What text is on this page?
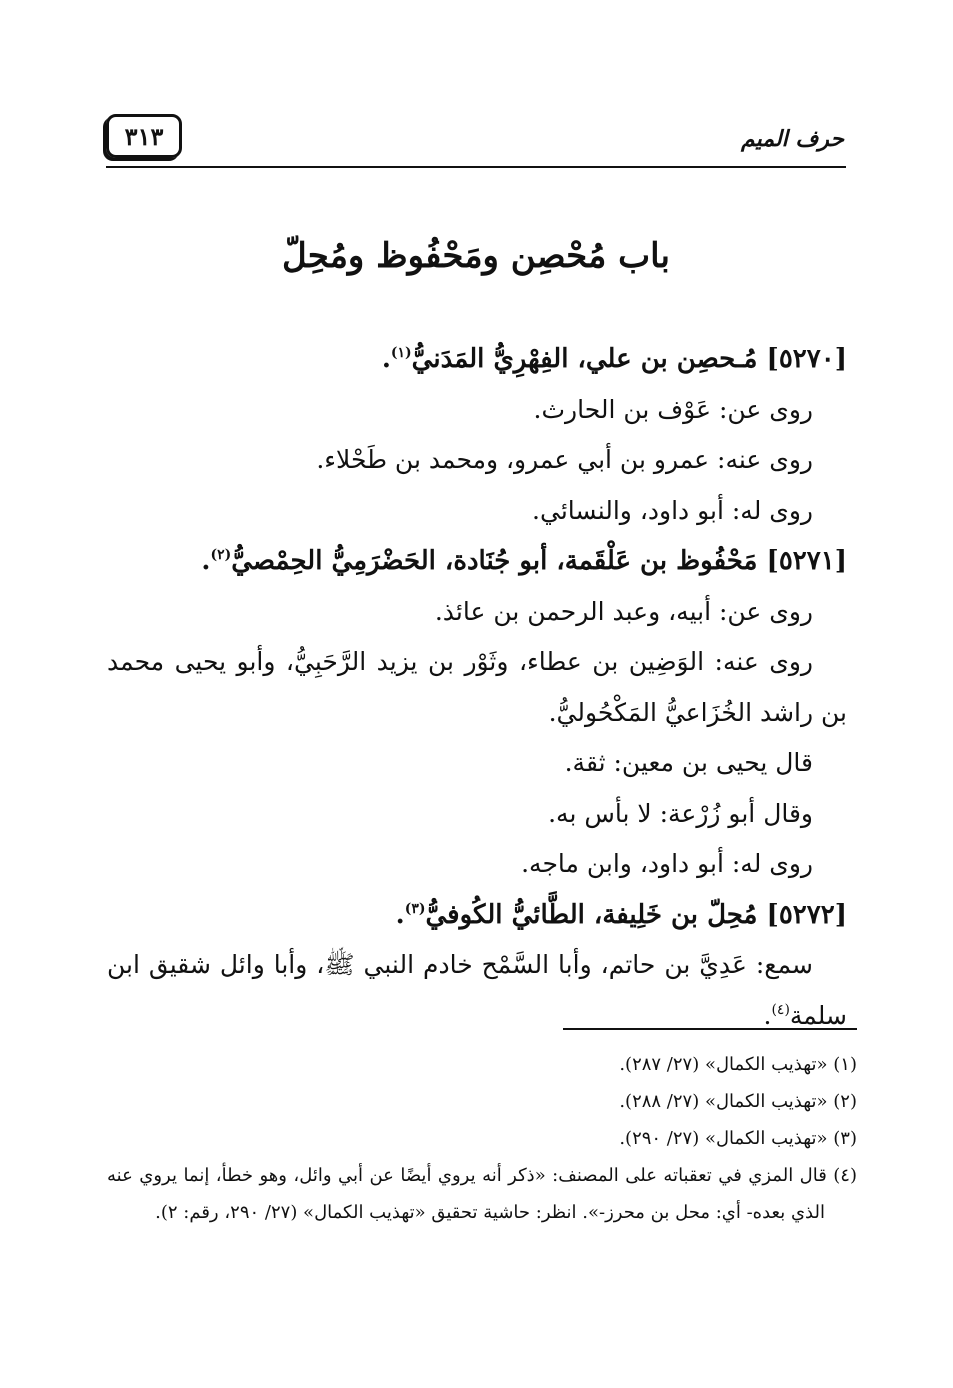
حرف الميم
٣١٣
باب مُحْصِن ومَحْفُوظ ومُحِلّ

[٥٢٧٠] مُـحصِن بن علي، الفِهْرِيُّ المَدَنيُّ$^{(١)}$.

روى عن: عَوْف بن الحارث.

روى عنه: عمرو بن أبي عمرو، ومحمد بن طَحْلاء.

روى له: أبو داود، والنسائي.

[٥٢٧١] مَحْفُوظ بن عَلْقَمة، أبو جُنَادة، الحَضْرَمِيُّ الحِمْصيُّ$^{(٢)}$.

روى عن: أبيه، وعبد الرحمن بن عائذ.

روى عنه: الوَضِين بن عطاء، وثَوْر بن يزيد الرَّحَبِيُّ، وأبو يحيى محمد بن راشد الخُزَاعيُّ المَكْحُوليُّ.

قال يحيى بن معين: ثقة.

وقال أبو زُرْعة: لا بأس به.

روى له: أبو داود، وابن ماجه.

[٥٢٧٢] مُحِلّ بن خَلِيفة، الطَّائيُّ الكُوفيُّ$^{(٣)}$.

سمع: عَدِيَّ بن حاتم، وأبا السَّمْح خادم النبي ﷺ، وأبا وائل شقيق ابن سلمة$^{(٤)}$.

(١) «تهذيب الكمال» (٢٧/ ٢٨٧).

(٢) «تهذيب الكمال» (٢٧/ ٢٨٨).

(٣) «تهذيب الكمال» (٢٧/ ٢٩٠).

(٤) قال المزي في تعقباته على المصنف: «ذكر أنه يروي أيضًا عن أبي وائل، وهو خطأ، إنما يروي عنه الذي بعده- أي: محل بن محرز-». انظر: حاشية تحقيق «تهذيب الكمال» (٢٧/ ٢٩٠، رقم: ٢).
